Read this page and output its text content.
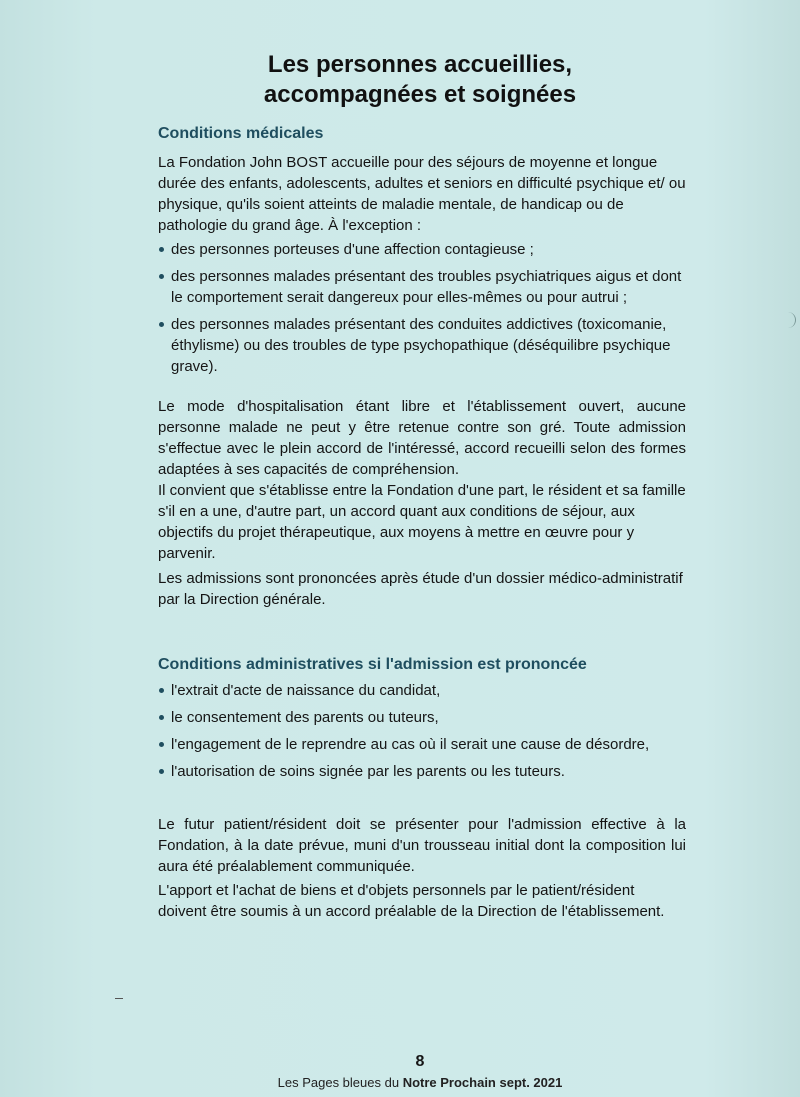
Les personnes accueillies,
accompagnées et soignées
Conditions médicales
La Fondation John BOST accueille pour des séjours de moyenne et longue durée des enfants, adolescents, adultes et seniors en difficulté psychique et/ ou physique, qu'ils soient atteints de maladie mentale, de handicap ou de pathologie du grand âge. À l'exception :
des personnes porteuses d'une affection contagieuse ;
des personnes malades présentant des troubles psychiatriques aigus et dont le comportement serait dangereux pour elles-mêmes ou pour autrui ;
des personnes malades présentant des conduites addictives (toxicomanie, éthylisme) ou des troubles de type psychopathique (déséquilibre psychique grave).
Le mode d'hospitalisation étant libre et l'établissement ouvert, aucune personne malade ne peut y être retenue contre son gré. Toute admission s'effectue avec le plein accord de l'intéressé, accord recueilli selon des formes adaptées à ses capacités de compréhension.
Il convient que s'établisse entre la Fondation d'une part, le résident et sa famille s'il en a une, d'autre part, un accord quant aux conditions de séjour, aux objectifs du projet thérapeutique, aux moyens à mettre en œuvre pour y parvenir.
Les admissions sont prononcées après étude d'un dossier médico-administratif par la Direction générale.
Conditions administratives si l'admission est prononcée
l'extrait d'acte de naissance du candidat,
le consentement des parents ou tuteurs,
l'engagement de le reprendre au cas où il serait une cause de désordre,
l'autorisation de soins signée par les parents ou les tuteurs.
Le futur patient/résident doit se présenter pour l'admission effective à la Fondation, à la date prévue, muni d'un trousseau initial dont la composition lui aura été préalablement communiquée.
L'apport et l'achat de biens et d'objets personnels par le patient/résident doivent être soumis à un accord préalable de la Direction de l'établissement.
8
Les Pages bleues du Notre Prochain sept. 2021
